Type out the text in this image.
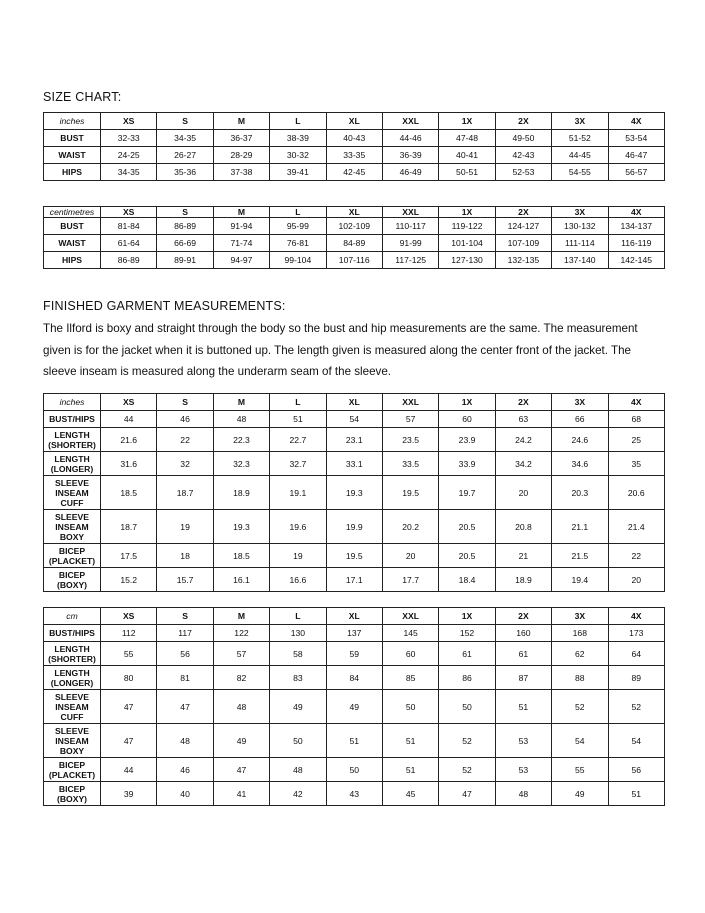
SIZE CHART:
inches	XS	S	M	L	XL	XXL	1X	2X	3X	4X
BUST	32-33	34-35	36-37	38-39	40-43	44-46	47-48	49-50	51-52	53-54
WAIST	24-25	26-27	28-29	30-32	33-35	36-39	40-41	42-43	44-45	46-47
HIPS	34-35	35-36	37-38	39-41	42-45	46-49	50-51	52-53	54-55	56-57
centimetres	XS	S	M	L	XL	XXL	1X	2X	3X	4X
BUST	81-84	86-89	91-94	95-99	102-109	110-117	119-122	124-127	130-132	134-137
WAIST	61-64	66-69	71-74	76-81	84-89	91-99	101-104	107-109	111-114	116-119
HIPS	86-89	89-91	94-97	99-104	107-116	117-125	127-130	132-135	137-140	142-145
FINISHED GARMENT MEASUREMENTS:

The Ilford is boxy and straight through the body so the bust and hip measurements are the same. The measurement given is for the jacket when it is buttoned up. The length given is measured along the center front of the jacket. The sleeve inseam is measured along the underarm seam of the sleeve.

inches	XS	S	M	L	XL	XXL	1X	2X	3X	4X
BUST/HIPS	44	46	48	51	54	57	60	63	66	68
LENGTH (SHORTER)	21.6	22	22.3	22.7	23.1	23.5	23.9	24.2	24.6	25
LENGTH (LONGER)	31.6	32	32.3	32.7	33.1	33.5	33.9	34.2	34.6	35
SLEEVE INSEAM CUFF	18.5	18.7	18.9	19.1	19.3	19.5	19.7	20	20.3	20.6
SLEEVE INSEAM BOXY	18.7	19	19.3	19.6	19.9	20.2	20.5	20.8	21.1	21.4
BICEP (PLACKET)	17.5	18	18.5	19	19.5	20	20.5	21	21.5	22
BICEP (BOXY)	15.2	15.7	16.1	16.6	17.1	17.7	18.4	18.9	19.4	20
cm	XS	S	M	L	XL	XXL	1X	2X	3X	4X
BUST/HIPS	112	117	122	130	137	145	152	160	168	173
LENGTH (SHORTER)	55	56	57	58	59	60	61	61	62	64
LENGTH (LONGER)	80	81	82	83	84	85	86	87	88	89
SLEEVE INSEAM CUFF	47	47	48	49	49	50	50	51	52	52
SLEEVE INSEAM BOXY	47	48	49	50	51	51	52	53	54	54
BICEP (PLACKET)	44	46	47	48	50	51	52	53	55	56
BICEP (BOXY)	39	40	41	42	43	45	47	48	49	51
